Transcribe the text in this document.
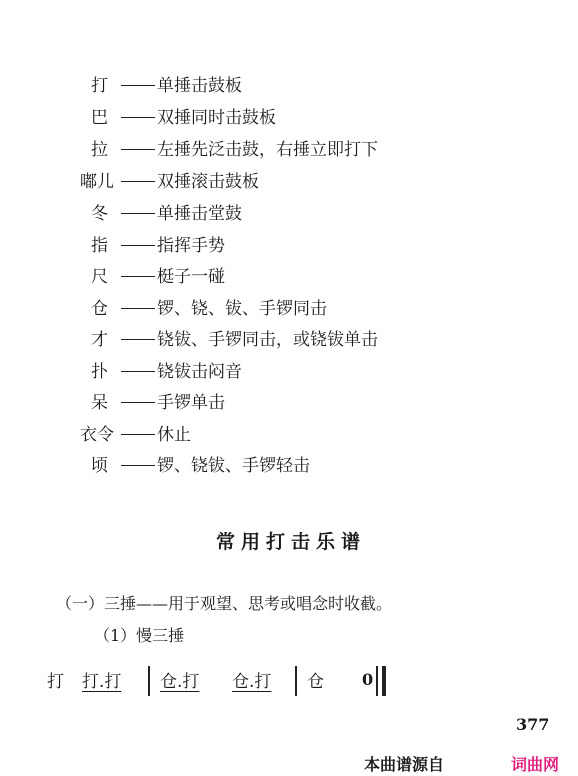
打	单捶击鼓板
巴	双捶同时击鼓板
拉	左捶先泛击鼓，右捶立即打下
嘟儿	双捶滚击鼓板
冬	单捶击堂鼓
指	指挥手势
尺	梃子一碰
仓	锣、铙、钹、手锣同击
才	铙钹、手锣同击，或铙钹单击
扑	铙钹击闷音
呆	手锣单击
衣令	休止
顷	锣、铙钹、手锣轻击
常用打击乐谱
（一）三捶——用于观望、思考或唱念时收截。
（1）慢三捶
打 打.打 仓.打 仓.打 仓 0
377
本曲谱源自	词曲网
